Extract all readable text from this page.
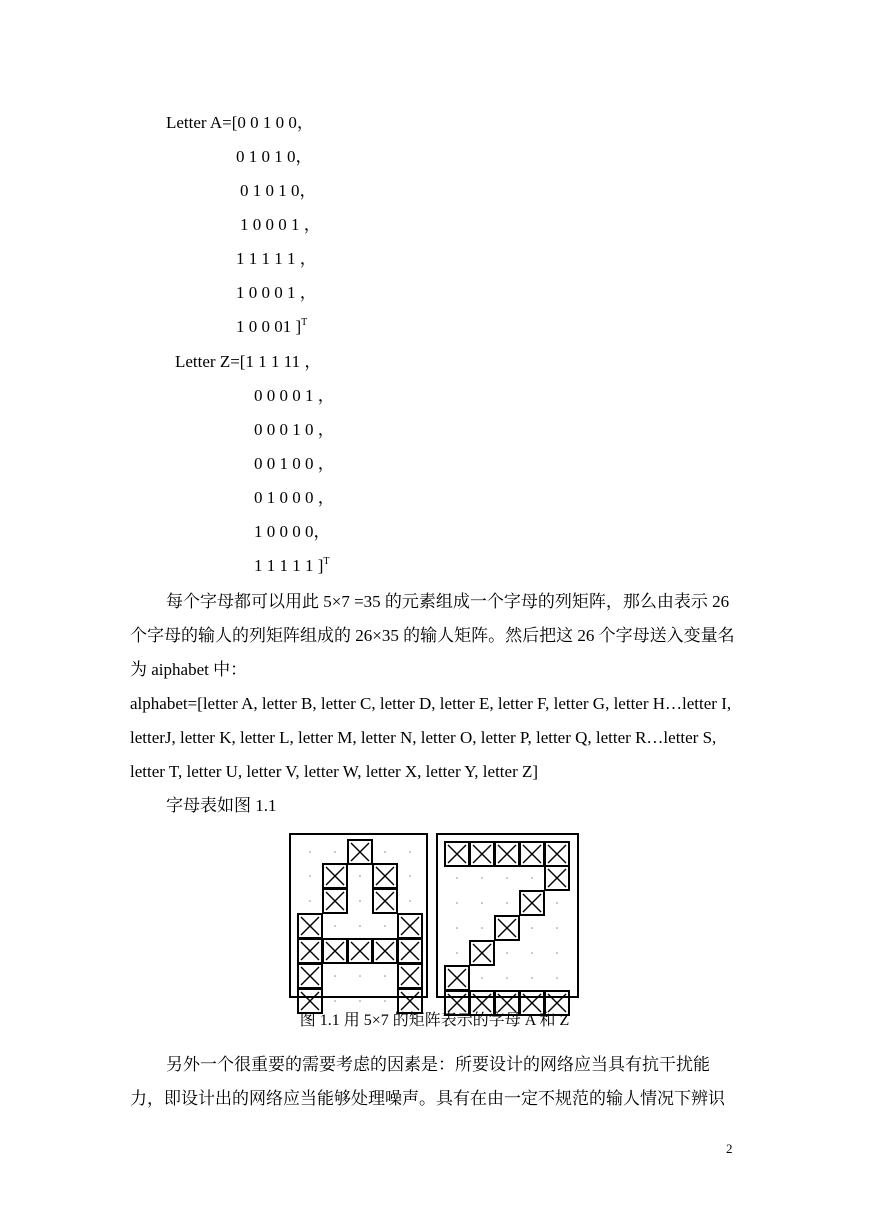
Letter A=[0 0 1 0 0，
0 1 0 1 0，
0 1 0 1 0，
1 0 0 0 1 ，
1 1 1 1 1 ，
1 0 0 0 1 ，
1 0 0 01 ]$^T$
Letter Z=[1 1 1 11 ，
0 0 0 0 1 ，
0 0 0 1 0 ，
0 0 1 0 0 ，
0 1 0 0 0 ，
1 0 0 0 0，
1 1 1 1 1 ]$^T$
每个字母都可以用此 5×7 =35 的元素组成一个字母的列矩阵，那么由表示 26 个字母的输人的列矩阵组成的 26×35 的输人矩阵。然后把这 26 个字母送入变量名为 aiphabet 中：
alphabet=[letter A, letter B, letter C, letter D, letter E, letter F, letter G, letter H…letter I, letterJ, letter K, letter L, letter M, letter N, letter O, letter P, letter Q, letter R…letter S, letter T, letter U, letter V, letter W, letter X, letter Y, letter Z]
字母表如图 1.1
图 1.1 用 5×7 的矩阵表示的字母 A 和 Z
另外一个很重要的需要考虑的因素是：所要设计的网络应当具有抗干扰能力，即设计出的网络应当能够处理噪声。具有在由一定不规范的输人情况下辨识
2
